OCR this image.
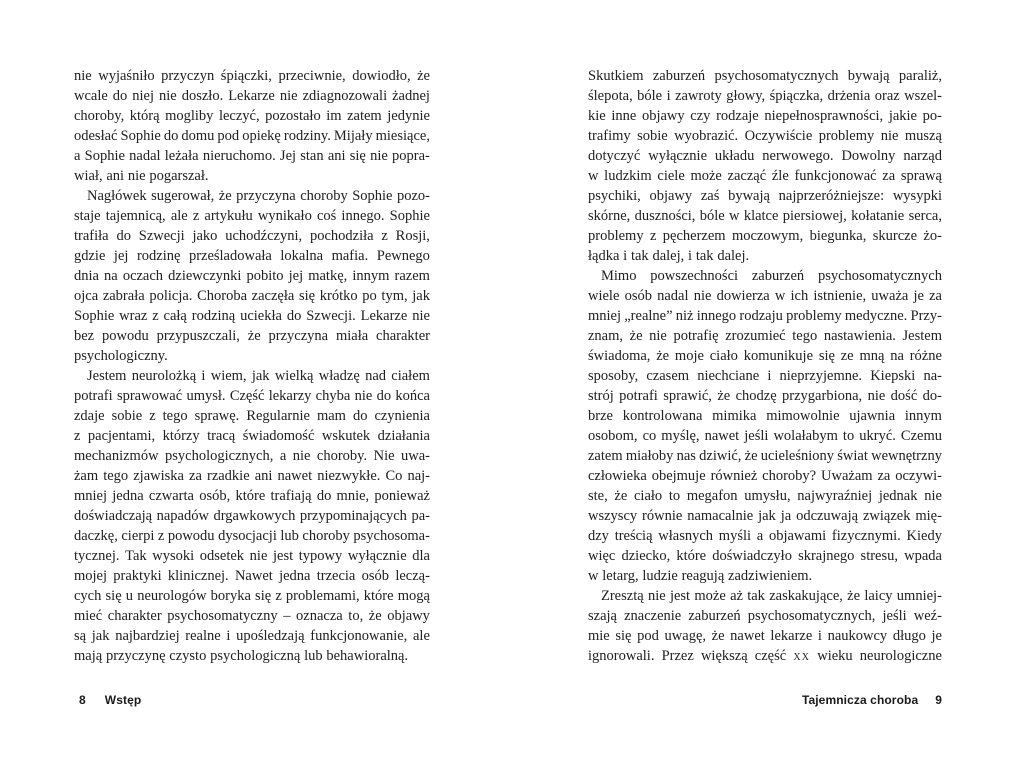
nie wyjaśniło przyczyn śpiączki, przeciwnie, dowiodło, że
wcale do niej nie doszło. Lekarze nie zdiagnozowali żadnej
choroby, którą mogliby leczyć, pozostało im zatem jedynie
odesłać Sophie do domu pod opiekę rodziny. Mijały miesiące,
a Sophie nadal leżała nieruchomo. Jej stan ani się nie popra-
wiał, ani nie pogarszał.
Nagłówek sugerował, że przyczyna choroby Sophie pozo-
staje tajemnicą, ale z artykułu wynikało coś innego. Sophie
trafiła do Szwecji jako uchodźczyni, pochodziła z Rosji,
gdzie jej rodzinę prześladowała lokalna mafia. Pewnego
dnia na oczach dziewczynki pobito jej matkę, innym razem
ojca zabrała policja. Choroba zaczęła się krótko po tym, jak
Sophie wraz z całą rodziną uciekła do Szwecji. Lekarze nie
bez powodu przypuszczali, że przyczyna miała charakter
psychologiczny.
Jestem neurolożką i wiem, jak wielką władzę nad ciałem
potrafi sprawować umysł. Część lekarzy chyba nie do końca
zdaje sobie z tego sprawę. Regularnie mam do czynienia
z pacjentami, którzy tracą świadomość wskutek działania
mechanizmów psychologicznych, a nie choroby. Nie uwa-
żam tego zjawiska za rzadkie ani nawet niezwykłe. Co naj-
mniej jedna czwarta osób, które trafiają do mnie, ponieważ
doświadczają napadów drgawkowych przypominających pa-
daczkę, cierpi z powodu dysocjacji lub choroby psychosoma-
tycznej. Tak wysoki odsetek nie jest typowy wyłącznie dla
mojej praktyki klinicznej. Nawet jedna trzecia osób leczą-
cych się u neurologów boryka się z problemami, które mogą
mieć charakter psychosomatyczny – oznacza to, że objawy
są jak najbardziej realne i upośledzają funkcjonowanie, ale
mają przyczynę czysto psychologiczną lub behawioralną.
8 Wstęp
Skutkiem zaburzeń psychosomatycznych bywają paraliż,
ślepota, bóle i zawroty głowy, śpiączka, drżenia oraz wszel-
kie inne objawy czy rodzaje niepełnosprawności, jakie po-
trafimy sobie wyobrazić. Oczywiście problemy nie muszą
dotyczyć wyłącznie układu nerwowego. Dowolny narząd
w ludzkim ciele może zacząć źle funkcjonować za sprawą
psychiki, objawy zaś bywają najprzeróżniejsze: wysypki
skórne, duszności, bóle w klatce piersiowej, kołatanie serca,
problemy z pęcherzem moczowym, biegunka, skurcze żo-
łądka i tak dalej, i tak dalej.
Mimo powszechności zaburzeń psychosomatycznych
wiele osób nadal nie dowierza w ich istnienie, uważa je za
mniej „realne” niż innego rodzaju problemy medyczne. Przy-
znam, że nie potrafię zrozumieć tego nastawienia. Jestem
świadoma, że moje ciało komunikuje się ze mną na różne
sposoby, czasem niechciane i nieprzyjemne. Kiepski na-
strój potrafi sprawić, że chodzę przygarbiona, nie dość do-
brze kontrolowana mimika mimowolnie ujawnia innym
osobom, co myślę, nawet jeśli wolałabym to ukryć. Czemu
zatem miałoby nas dziwić, że ucieleśniony świat wewnętrzny
człowieka obejmuje również choroby? Uważam za oczywi-
ste, że ciało to megafon umysłu, najwyraźniej jednak nie
wszyscy równie namacalnie jak ja odczuwają związek mię-
dzy treścią własnych myśli a objawami fizycznymi. Kiedy
więc dziecko, które doświadczyło skrajnego stresu, wpada
w letarg, ludzie reagują zadziwieniem.
Zresztą nie jest może aż tak zaskakujące, że laicy umniej-
szają znaczenie zaburzeń psychosomatycznych, jeśli weź-
mie się pod uwagę, że nawet lekarze i naukowcy długo je
ignorowali. Przez większą część xx wieku neurologiczne
Tajemnicza choroba 9
